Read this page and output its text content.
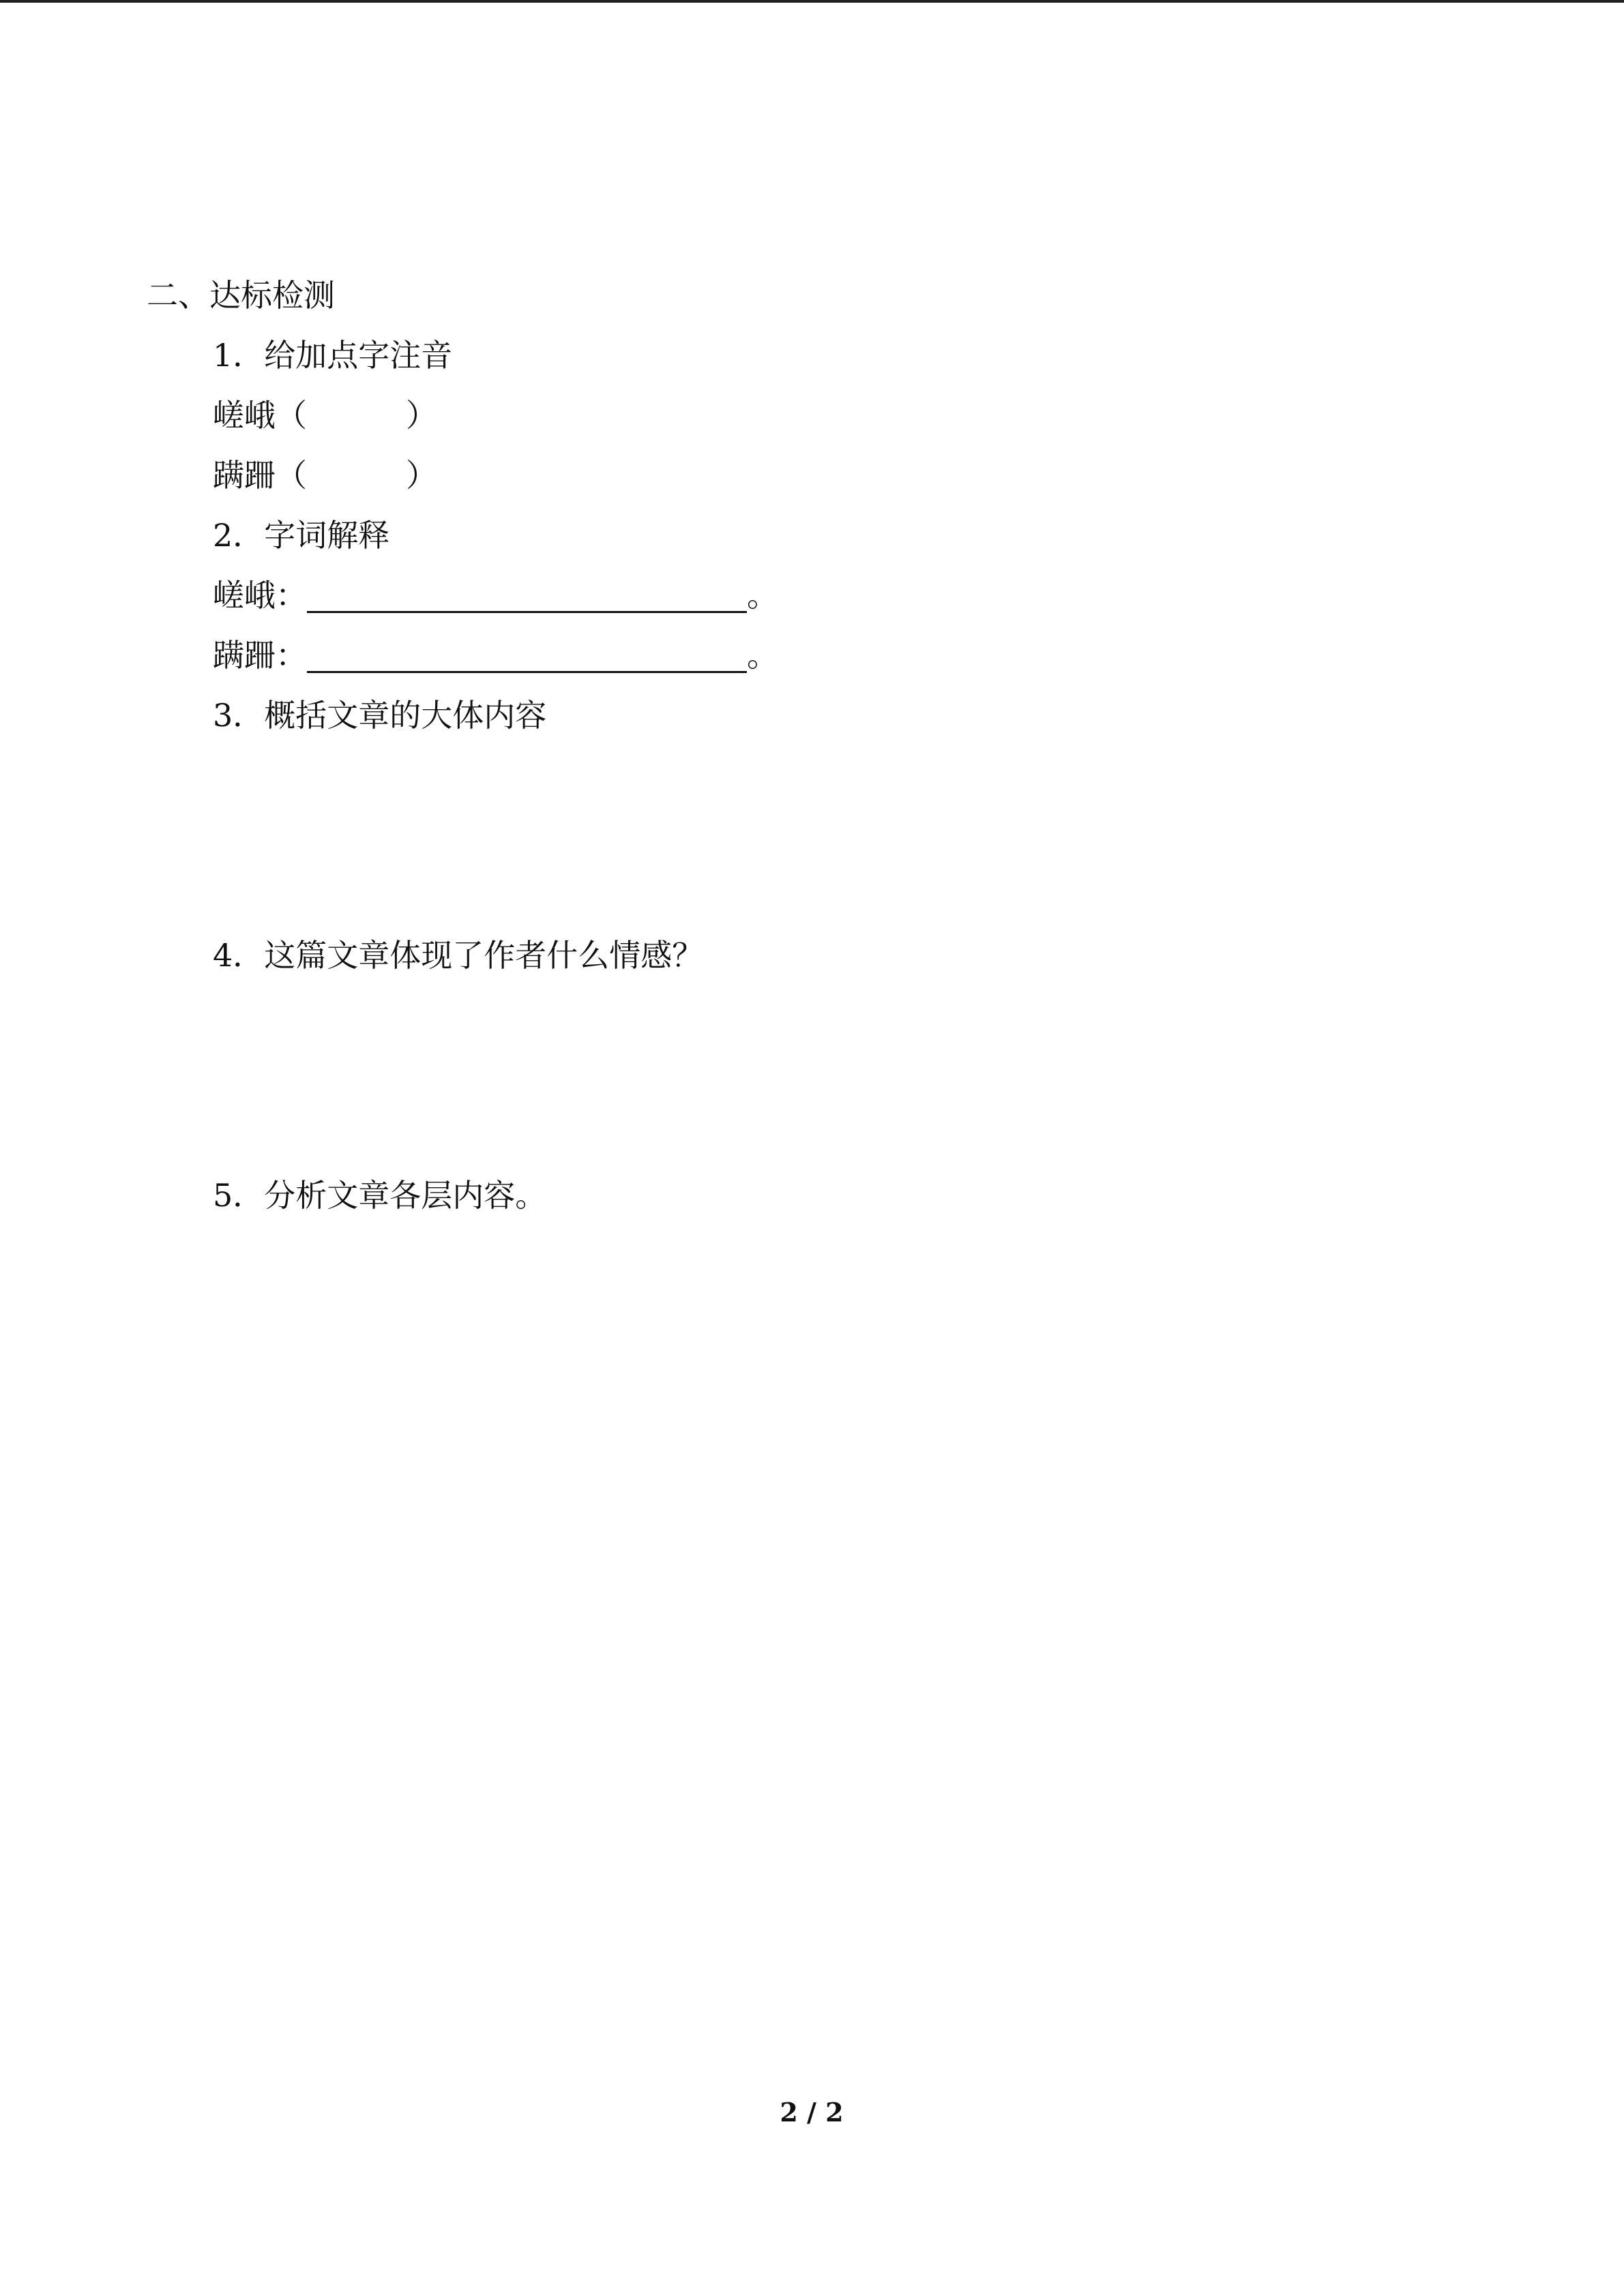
二、达标检测
1．给加点字注音
嵯峨（	）
蹒跚（	）
2．字词解释
嵯峨：	。
蹒跚：	。
3．概括文章的大体内容
4．这篇文章体现了作者什么情感？
5．分析文章各层内容。
2 / 2
